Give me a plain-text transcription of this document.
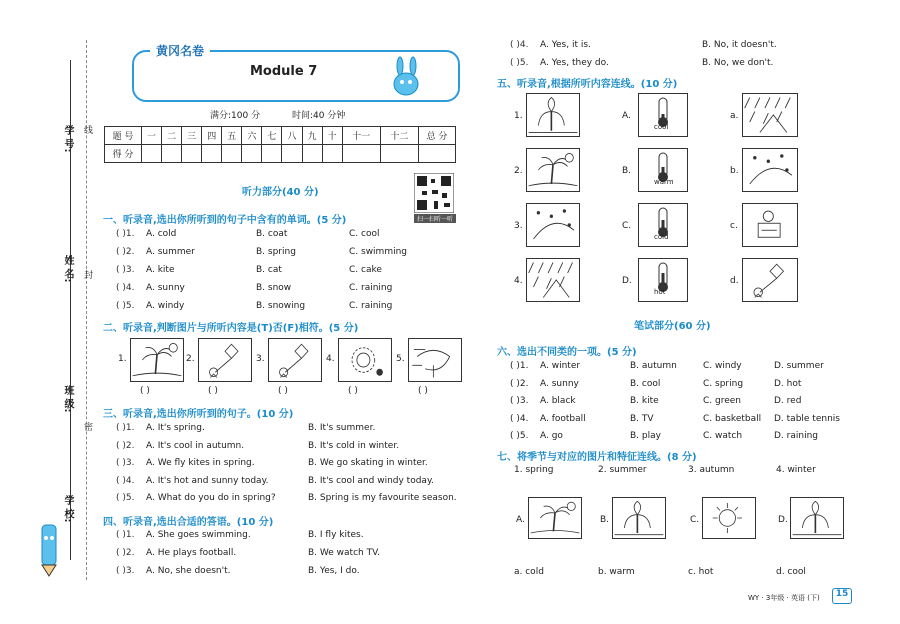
学 校:
班 级:
姓 名:
学 号: 线
封
密
黄冈名卷
Module 7
满分:100 分	时间:40 分钟
题 号	一	二	三	四	五	六	七	八	九	十	十一	十二	总 分
得 分													
听力部分(40 分)
扫一扫听一听
一、听录音,选出你所听到的句子中含有的单词。(5 分)
( )1. A. cold	B. coat	C. cool
( )2. A. summer	B. spring	C. swimming
( )3. A. kite	B. cat	C. cake
( )4. A. sunny	B. snow	C. raining
( )5. A. windy	B. snowing	C. raining
二、听录音,判断图片与所听内容是(T)否(F)相符。(5 分)
1.
( )
2.
( )
3.
( )
4.
( )
5.
( )
三、听录音,选出你所听到的句子。(10 分)
( )1. A. It's spring.	B. It's summer.
( )2. A. It's cool in autumn.	B. It's cold in winter.
( )3. A. We fly kites in spring.	B. We go skating in winter.
( )4. A. It's hot and sunny today.	B. It's cool and windy today.
( )5. A. What do you do in spring?	B. Spring is my favourite season.
四、听录音,选出合适的答语。(10 分)
( )1. A. She goes swimming.	B. I fly kites.
( )2. A. He plays football.	B. We watch TV.
( )3. A. No, she doesn't.	B. Yes, I do.
( )4. A. Yes, it is.	B. No, it doesn't.
( )5. A. Yes, they do.	B. No, we don't.
五、听录音,根据所听内容连线。(10 分)
1.	A.
cool
a.
2.	B.
warm
b.
3.	C.
cold
c.
4.	D.
hot
d.
笔试部分(60 分)
六、选出不同类的一项。(5 分)
( )1. A. winter	B. autumn	C. windy	D. summer
( )2. A. sunny	B. cool	C. spring	D. hot
( )3. A. black	B. kite	C. green	D. red
( )4. A. football	B. TV	C. basketball D. table tennis
( )5. A. go	B. play	C. watch	D. raining
七、将季节与对应的图片和特征连线。(8 分)
1. spring
A.
a. cold
2. summer
B.
b. warm
3. autumn
C.
c. hot
4. winter
D.
d. cool
WY · 3年级 · 英语 (下)	15
